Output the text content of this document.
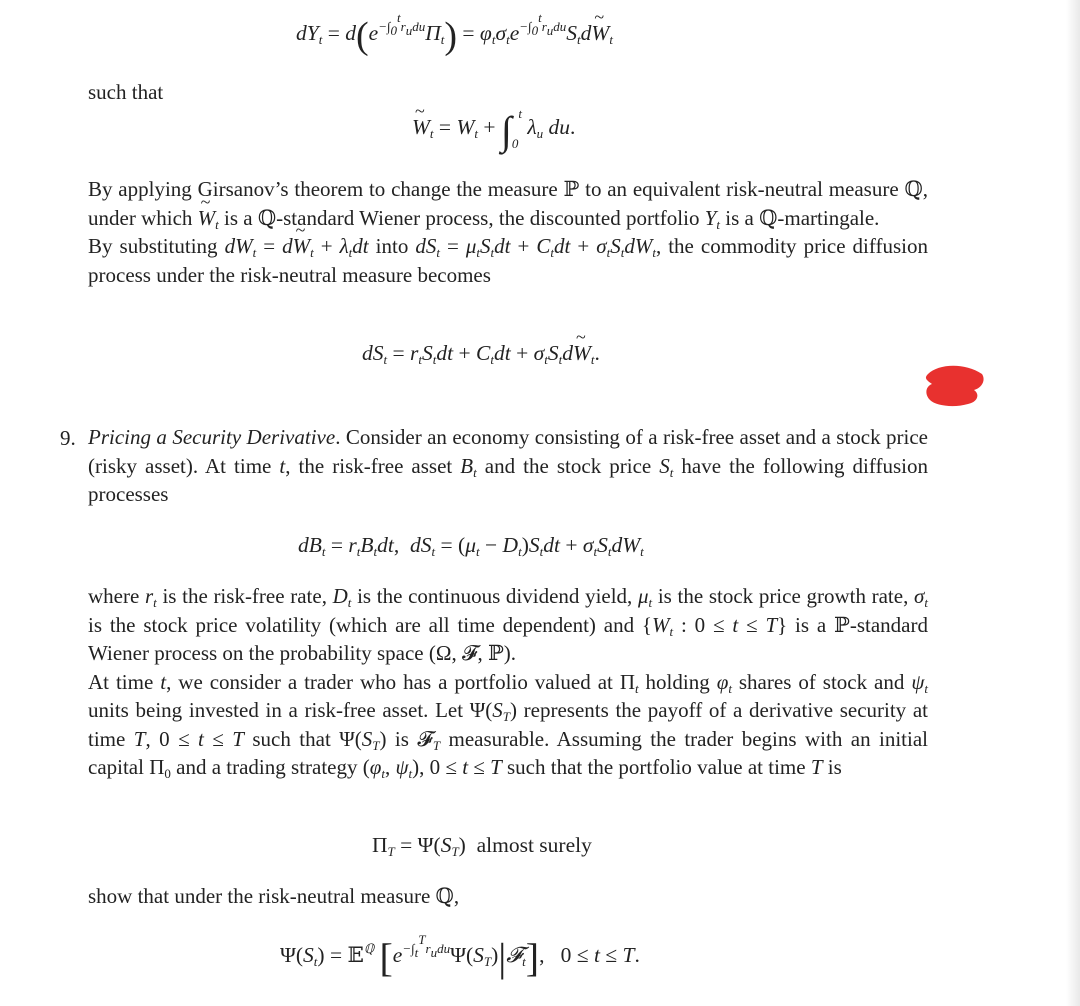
$dY_t = d(e^{-\int_0^tr_udu}\Pi_t)$ = $\varphi_t\sigma_te^{-\int_0^tr_udu}S_td\sim$ $W_t$
such that
~ $W_t = W_t + \int_0^t$ $\lambda_u$ du.

By applying Girsanov’s theorem to change the measure ℙ to an equivalent risk-neutral measure ℚ, under which ~ $W_t$ is a ℚ-standard Wiener process, the discounted portfolio $Y_t$ is a ℚ-martingale.

By substituting $dW_t$ = d~ $W_t + \lambda_tdt$ into $dS_t = \mu_tS_tdt + C_tdt + \sigma_tS_tdW_t$, the commodity price diffusion process under the risk-neutral measure becomes

$dS_t = r_tS_tdt + C_tdt$ + $\sigma_tS_td\sim$ $W_t$.
9. Pricing a Security Derivative. Consider an economy consisting of a risk-free asset and a stock price (risky asset). At time t, the risk-free asset $B_t$ and the stock price $S_t$ have the following diffusion processes

$dB_t = r_tB_tdt$,  $dS_t = (\mu_t - D_t)S_tdt + \sigma_tS_tdW_t$

where $r_t$ is the risk-free rate, $D_t$ is the continuous dividend yield, $\mu_t$ is the stock price growth rate, $\sigma_t$ is the stock price volatility (which are all time dependent) and {$W_t$ : 0 ≤ t ≤ T} is a ℙ-standard Wiener process on the probability space (Ω, 𝓕, ℙ).

At time t, we consider a trader who has a portfolio valued at $\Pi_t$ holding $\varphi_t$ shares of stock and $\psi_t$ units being invested in a risk-free asset. Let $\Psi(S_T)$ represents the payoff of a derivative security at time T, 0 ≤ t ≤ T such that $\Psi(S_T)$ is 𝓕$_T$ measurable. Assuming the trader begins with an initial capital $\Pi_0$ and a trading strategy ($\varphi_t$, $\psi_t$), 0 ≤ t ≤ T such that the portfolio value at time T is

$\Pi_T = \Psi(S_T)$ almost surely
show that under the risk-neutral measure ℚ,
$\Psi(S_t)$ = 𝔼$^ℚ$ $[e^{-\int_t^Tr_udu}\Psi(S_T)|𝓕_t]$, 0 ≤ t ≤ T.
